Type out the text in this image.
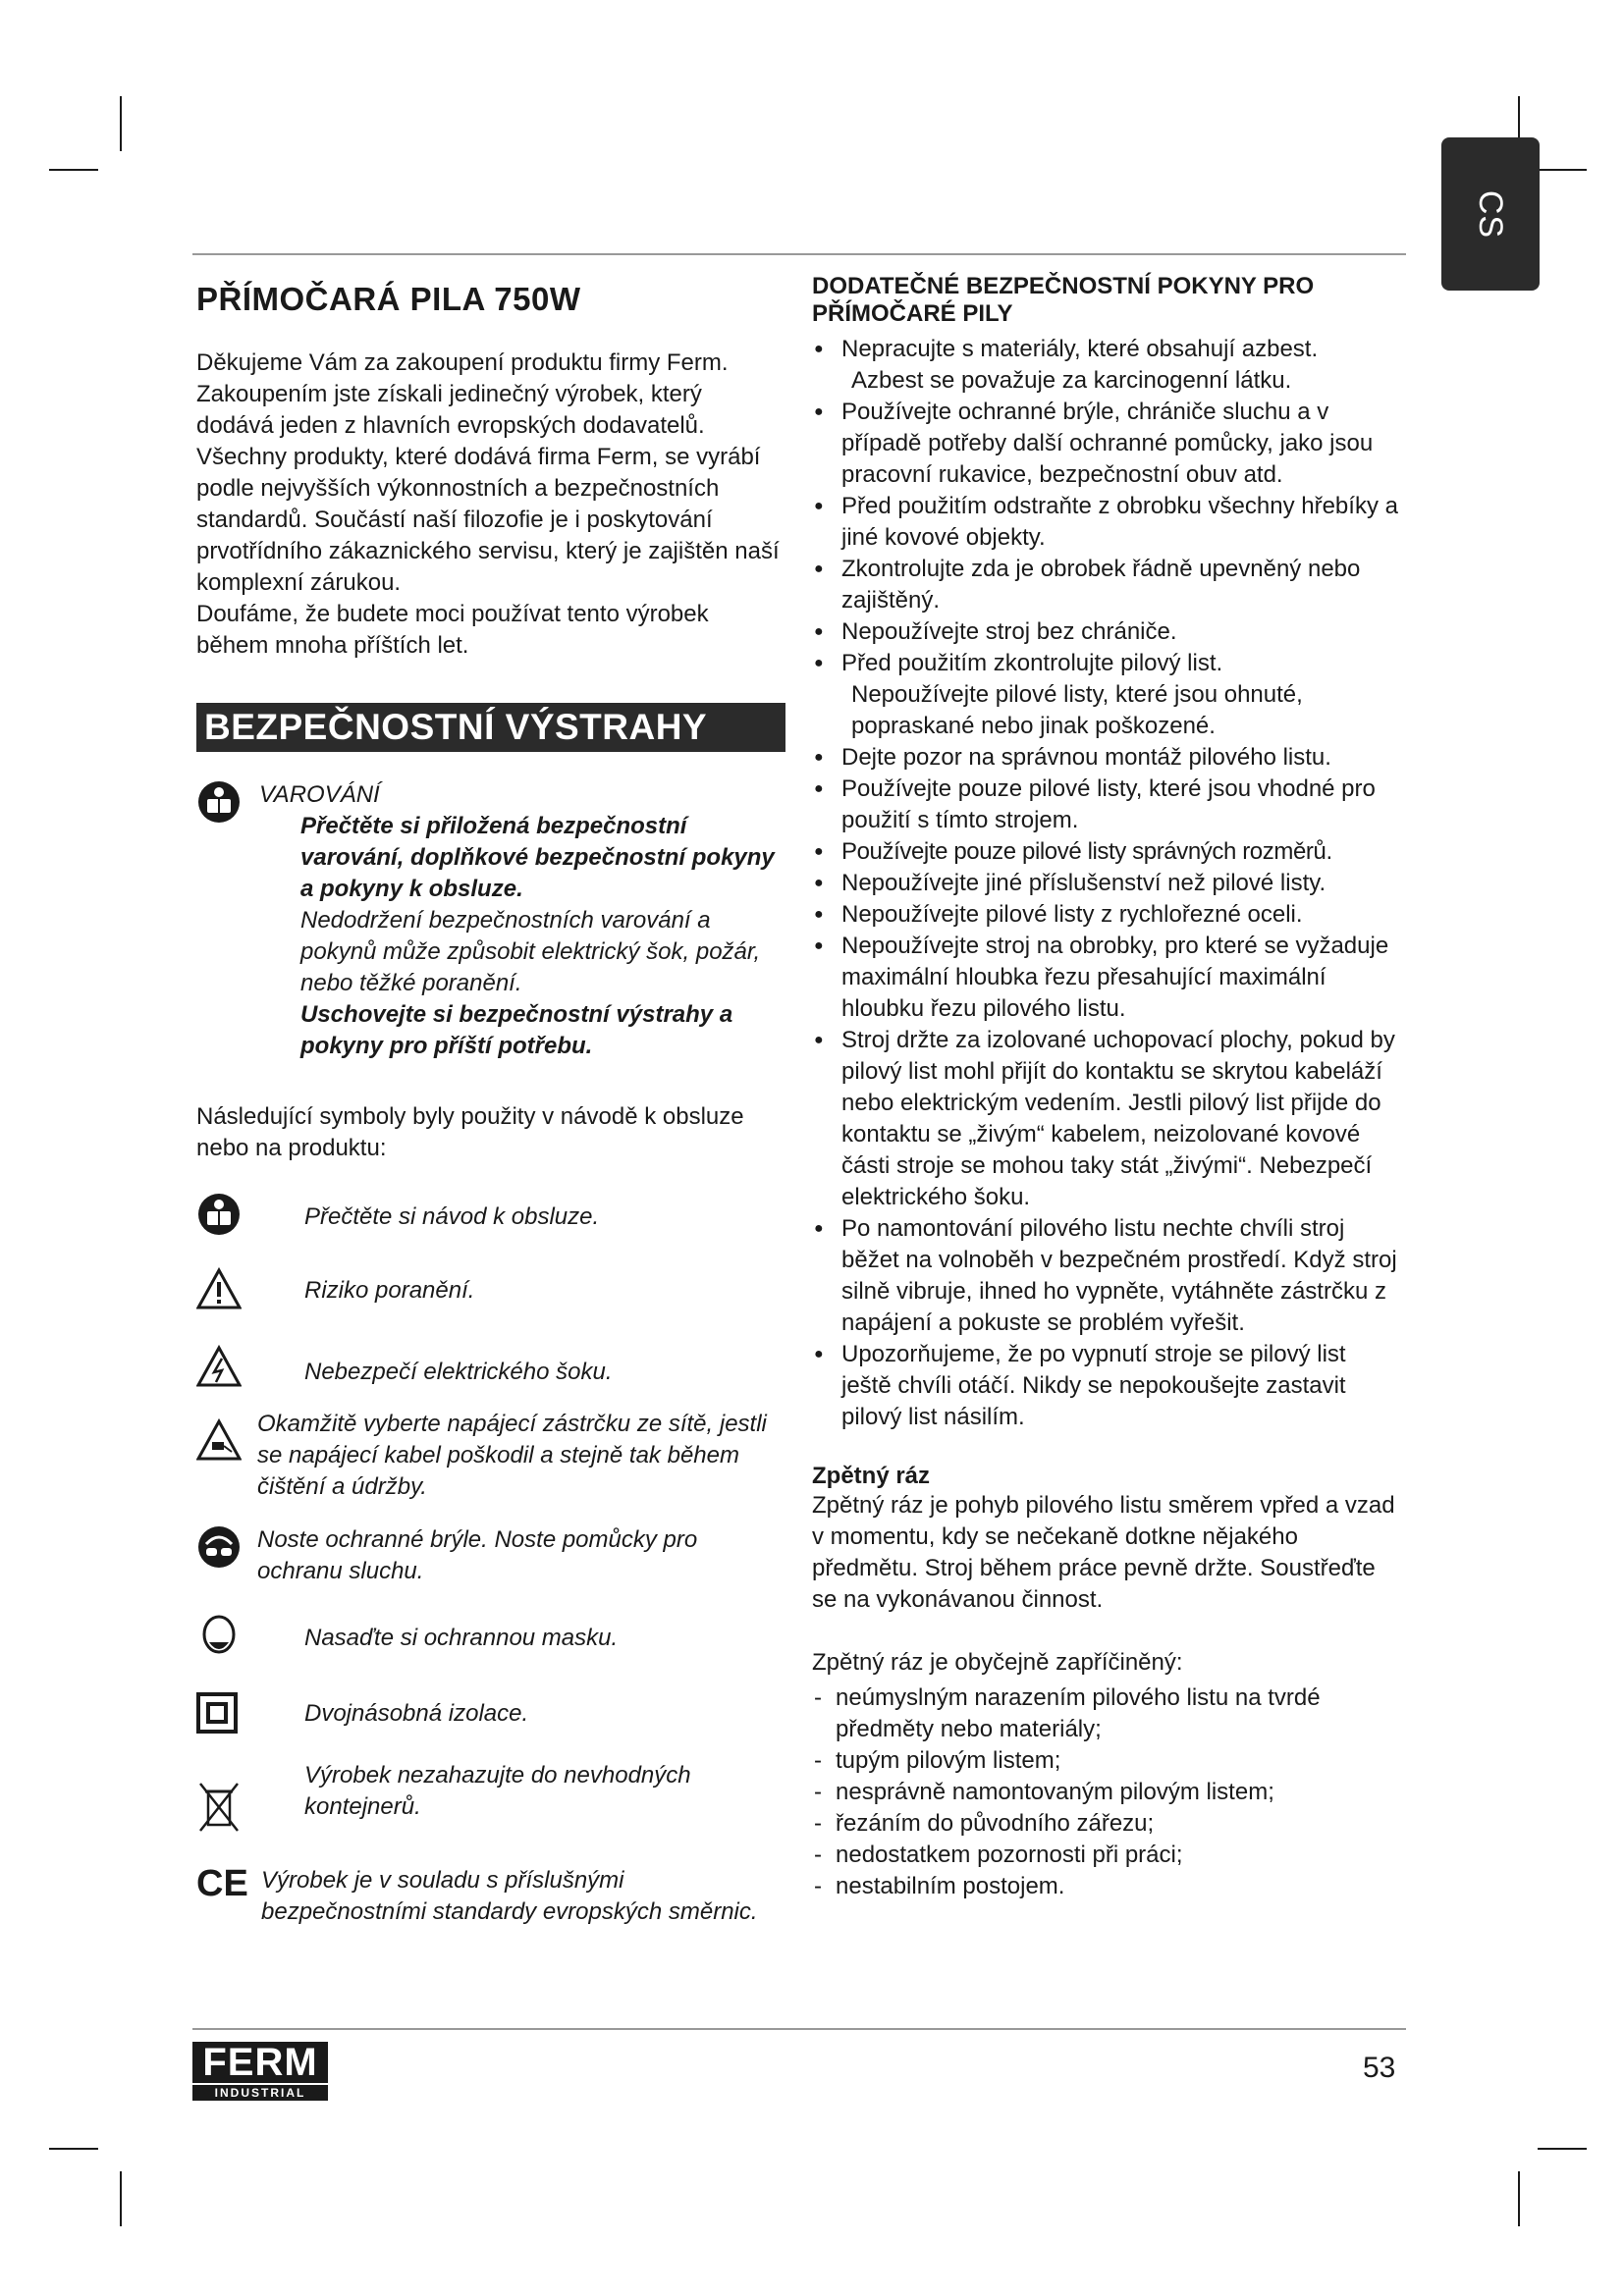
CS
PŘÍMOČARÁ PILA 750W

Děkujeme Vám za zakoupení produktu firmy Ferm.

Zakoupením jste získali jedinečný výrobek, který dodává jeden z hlavních evropských dodavatelů.

Všechny produkty, které dodává firma Ferm, se vyrábí podle nejvyšších výkonnostních a bezpečnostních standardů. Součástí naší filozofie je i poskytování prvotřídního zákaznického servisu, který je zajištěn naší komplexní zárukou.

Doufáme, že budete moci používat tento výrobek během mnoha příštích let.

BEZPEČNOSTNÍ VÝSTRAHY
VAROVÁNÍ
Přečtěte si přiložená bezpečnostní varování, doplňkové bezpečnostní pokyny a pokyny k obsluze.
Nedodržení bezpečnostních varování a pokynů může způsobit elektrický šok, požár, nebo těžké poranění.
Uschovejte si bezpečnostní výstrahy a pokyny pro příští potřebu.
Následující symboly byly použity v návodě k obsluze nebo na produktu:
Přečtěte si návod k obsluze.
Riziko poranění.
Nebezpečí elektrického šoku.
Okamžitě vyberte napájecí zástrčku ze sítě, jestli se napájecí kabel poškodil a stejně tak během čištění a údržby.
Noste ochranné brýle. Noste pomůcky pro ochranu sluchu.
Nasaďte si ochrannou masku.
Dvojnásobná izolace.
Výrobek nezahazujte do nevhodných kontejnerů.
CE Výrobek je v souladu s příslušnými bezpečnostními standardy evropských směrnic.
DODATEČNÉ BEZPEČNOSTNÍ POKYNY PRO PŘÍMOČARÉ PILY
● Nepracujte s materiály, které obsahují azbest.
Azbest se považuje za karcinogenní látku.
● Používejte ochranné brýle, chrániče sluchu a v případě potřeby další ochranné pomůcky, jako jsou pracovní rukavice, bezpečnostní obuv atd.
● Před použitím odstraňte z obrobku všechny hřebíky a jiné kovové objekty.
● Zkontrolujte zda je obrobek řádně upevněný nebo zajištěný.
● Nepoužívejte stroj bez chrániče.
● Před použitím zkontrolujte pilový list.
Nepoužívejte pilové listy, které jsou ohnuté, popraskané nebo jinak poškozené.
● Dejte pozor na správnou montáž pilového listu.
● Používejte pouze pilové listy, které jsou vhodné pro použití s tímto strojem.
● Používejte pouze pilové listy správných rozměrů.
● Nepoužívejte jiné příslušenství než pilové listy.
● Nepoužívejte pilové listy z rychlořezné oceli.
● Nepoužívejte stroj na obrobky, pro které se vyžaduje maximální hloubka řezu přesahující maximální hloubku řezu pilového listu.
● Stroj držte za izolované uchopovací plochy, pokud by pilový list mohl přijít do kontaktu se skrytou kabeláží nebo elektrickým vedením. Jestli pilový list přijde do kontaktu se „živým“ kabelem, neizolované kovové části stroje se mohou taky stát „živými“. Nebezpečí elektrického šoku.
● Po namontování pilového listu nechte chvíli stroj běžet na volnoběh v bezpečném prostředí. Když stroj silně vibruje, ihned ho vypněte, vytáhněte zástrčku z napájení a pokuste se problém vyřešit.
● Upozorňujeme, že po vypnutí stroje se pilový list ještě chvíli otáčí. Nikdy se nepokoušejte zastavit pilový list násilím.
Zpětný ráz

Zpětný ráz je pohyb pilového listu směrem vpřed a vzad v momentu, kdy se nečekaně dotkne nějakého předmětu. Stroj během práce pevně držte. Soustřeďte se na vykonávanou činnost.

Zpětný ráz je obyčejně zapříčiněný:

- neúmyslným narazením pilového listu na tvrdé předměty nebo materiály;
- tupým pilovým listem;
- nesprávně namontovaným pilovým listem;
- řezáním do původního zářezu;
- nedostatkem pozornosti při práci;
- nestabilním postojem.
FERM
INDUSTRIAL
53
